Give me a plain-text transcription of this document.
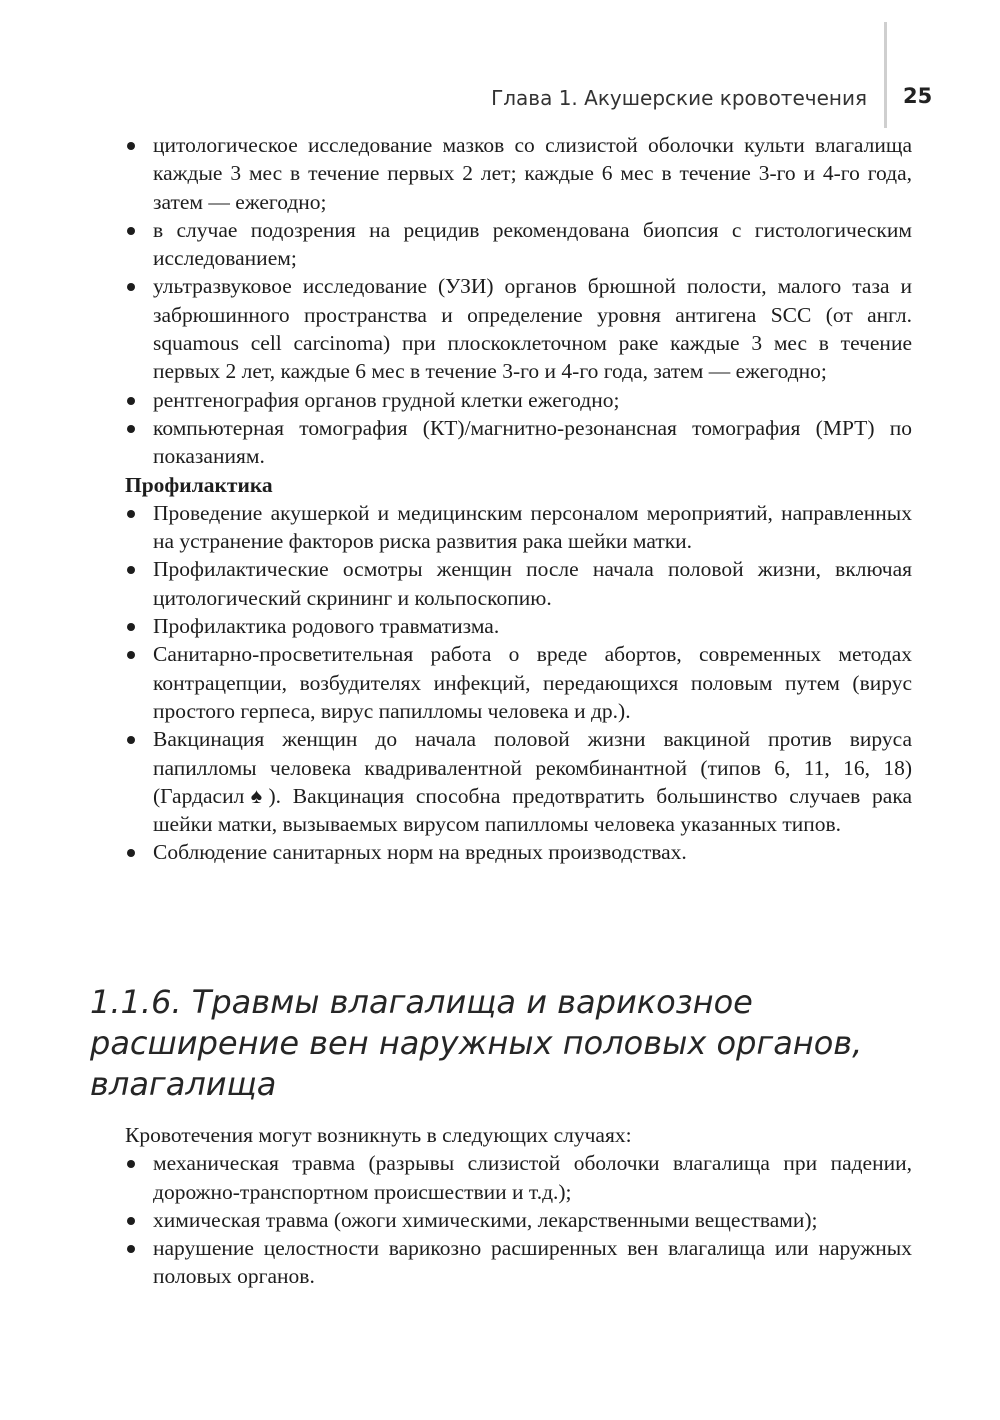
Глава 1. Акушерские кровотечения 25
цитологическое исследование мазков со слизистой оболочки культи влагалища каждые 3 мес в течение первых 2 лет; каждые 6 мес в течение 3-го и 4-го года, затем — ежегодно;
в случае подозрения на рецидив рекомендована биопсия с гистологическим исследованием;
ультразвуковое исследование (УЗИ) органов брюшной полости, малого таза и забрюшинного пространства и определение уровня антигена SCC (от англ. squamous cell carcinoma) при плоскоклеточном раке каждые 3 мес в течение первых 2 лет, каждые 6 мес в течение 3-го и 4-го года, затем — ежегодно;
рентгенография органов грудной клетки ежегодно;
компьютерная томография (КТ)/магнитно-резонансная томография (МРТ) по показаниям.

Профилактика

Проведение акушеркой и медицинским персоналом мероприятий, направленных на устранение факторов риска развития рака шейки матки.
Профилактические осмотры женщин после начала половой жизни, включая цитологический скрининг и кольпоскопию.
Профилактика родового травматизма.
Санитарно-просветительная работа о вреде абортов, современных методах контрацепции, возбудителях инфекций, передающихся половым путем (вирус простого герпеса, вирус папилломы человека и др.).
Вакцинация женщин до начала половой жизни вакциной против вируса папилломы человека квадривалентной рекомбинантной (типов 6, 11, 16, 18) (Гардасил♠). Вакцинация способна предотвратить большинство случаев рака шейки матки, вызываемых вирусом папилломы человека указанных типов.
Соблюдение санитарных норм на вредных производствах.
1.1.6. Травмы влагалища и варикозное расширение вен наружных половых органов, влагалища

Кровотечения могут возникнуть в следующих случаях:

механическая травма (разрывы слизистой оболочки влагалища при падении, дорожно-транспортном происшествии и т.д.);
химическая травма (ожоги химическими, лекарственными веществами);
нарушение целостности варикозно расширенных вен влагалища или наружных половых органов.
